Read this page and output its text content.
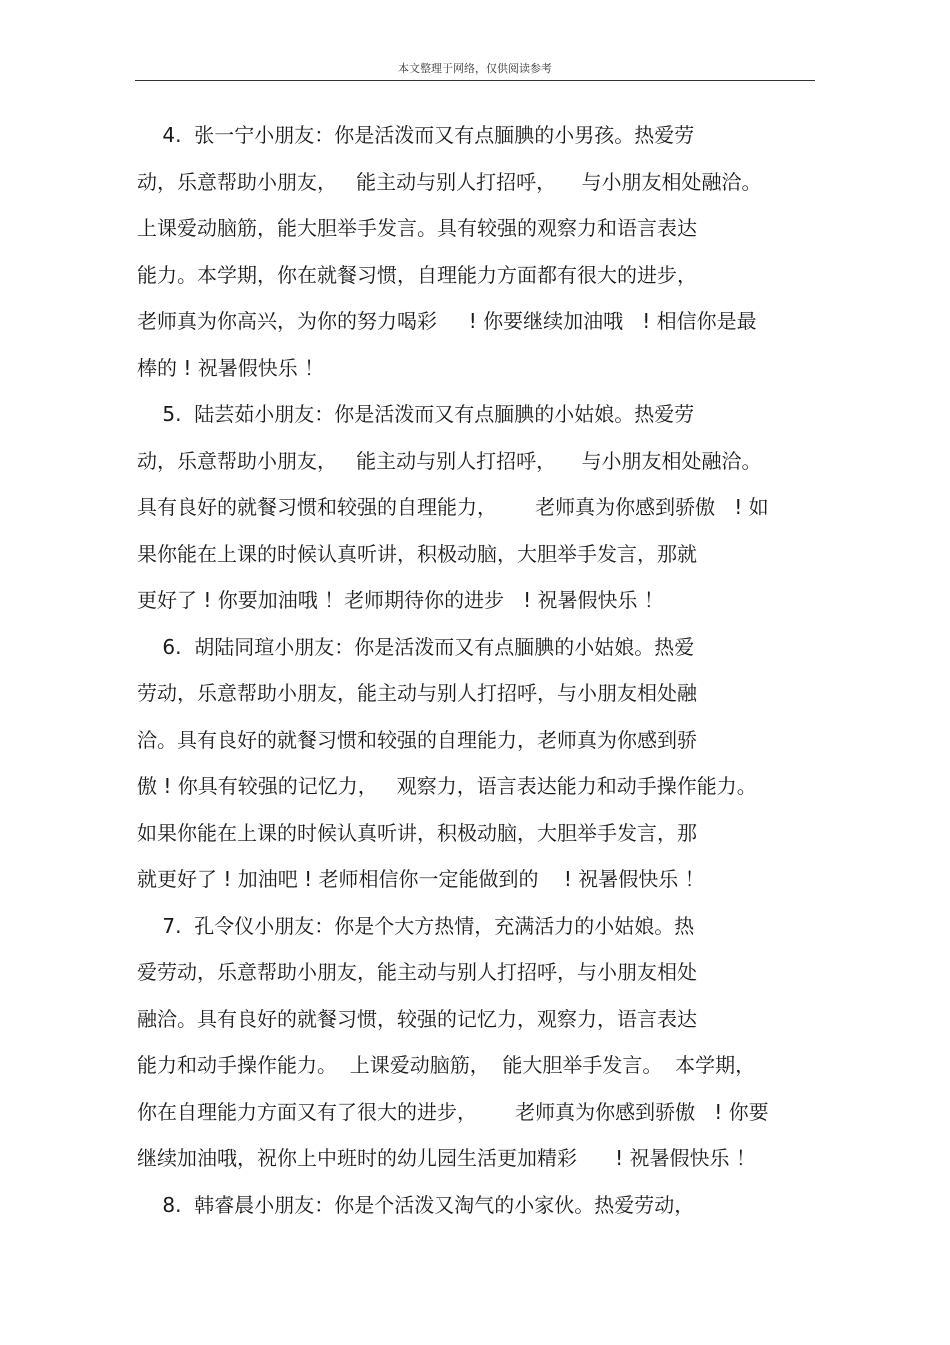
本文整理于网络，仅供阅读参考
4.  张一宁小朋友：你是活泼而又有点腼腆的小男孩。热爱劳
动，乐意帮助小朋友，   能主动与别人打招呼，    与小朋友相处融洽。
上课爱动脑筋，能大胆举手发言。具有较强的观察力和语言表达
能力。本学期，你在就餐习惯，自理能力方面都有很大的进步，
老师真为你高兴，为你的努力喝彩     ! 你要继续加油哦   ! 相信你是最
棒的 ! 祝暑假快乐 ！
5.  陆芸茹小朋友：你是活泼而又有点腼腆的小姑娘。热爱劳
动，乐意帮助小朋友，   能主动与别人打招呼，    与小朋友相处融洽。
具有良好的就餐习惯和较强的自理能力，      老师真为你感到骄傲   ! 如
果你能在上课的时候认真听讲，积极动脑，大胆举手发言，那就
更好了 ! 你要加油哦 ！老师期待你的进步   ! 祝暑假快乐 ！
6.  胡陆同瑄小朋友：你是活泼而又有点腼腆的小姑娘。热爱
劳动，乐意帮助小朋友，能主动与别人打招呼，与小朋友相处融
洽。具有良好的就餐习惯和较强的自理能力，老师真为你感到骄
傲 ! 你具有较强的记忆力，   观察力，语言表达能力和动手操作能力。
如果你能在上课的时候认真听讲，积极动脑，大胆举手发言，那
就更好了 ! 加油吧 ! 老师相信你一定能做到的    ! 祝暑假快乐 ！
7.  孔令仪小朋友：你是个大方热情，充满活力的小姑娘。热
爱劳动，乐意帮助小朋友，能主动与别人打招呼，与小朋友相处
融洽。具有良好的就餐习惯，较强的记忆力，观察力，语言表达
能力和动手操作能力。  上课爱动脑筋，  能大胆举手发言。  本学期，
你在自理能力方面又有了很大的进步，      老师真为你感到骄傲   ! 你要
继续加油哦，祝你上中班时的幼儿园生活更加精彩      ! 祝暑假快乐 ！
8.  韩睿晨小朋友：你是个活泼又淘气的小家伙。热爱劳动，
